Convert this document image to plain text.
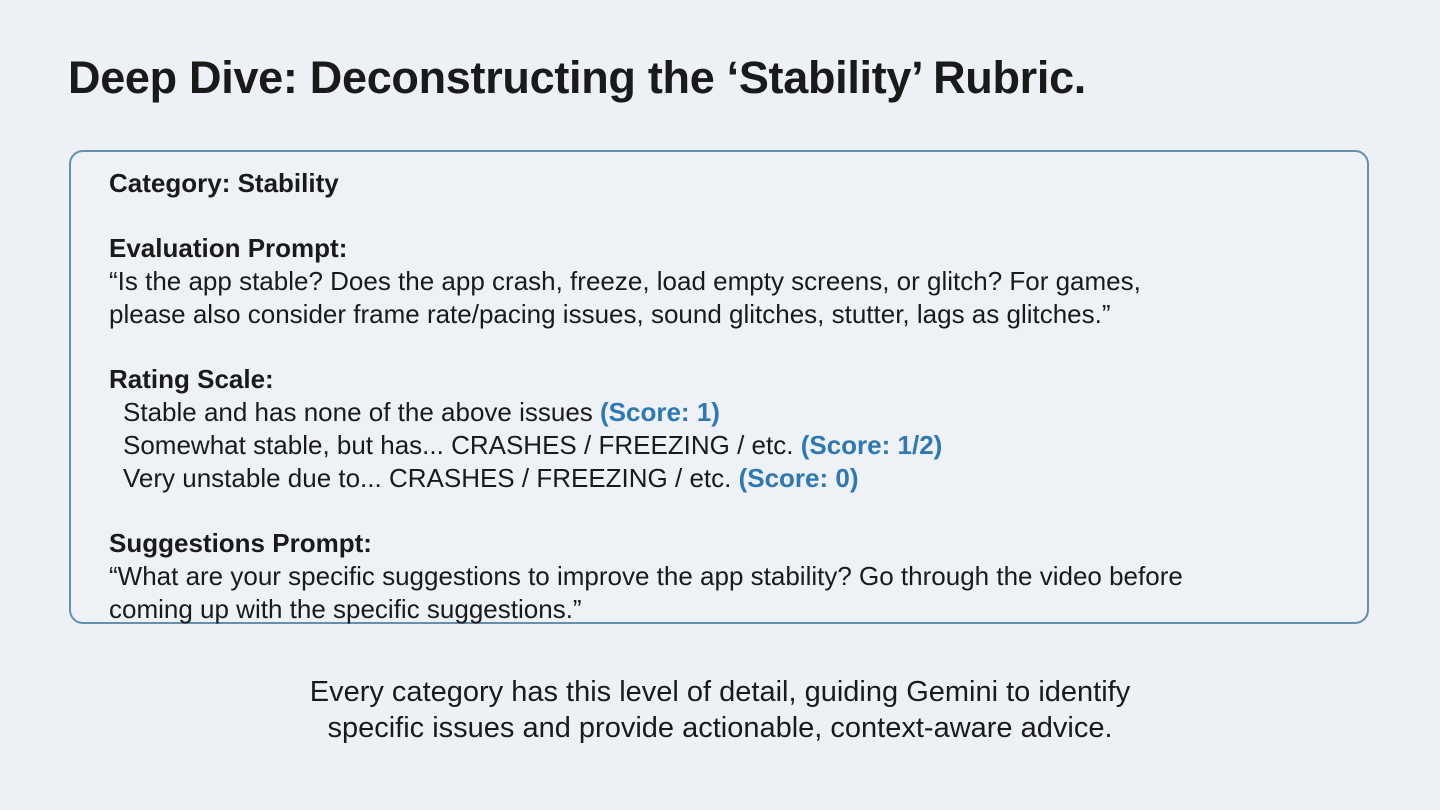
Deep Dive: Deconstructing the ‘Stability’ Rubric.
Category: Stability
Evaluation Prompt:
“Is the app stable? Does the app crash, freeze, load empty screens, or glitch? For games,
please also consider frame rate/pacing issues, sound glitches, stutter, lags as glitches.”
Rating Scale:
Stable and has none of the above issues (Score: 1)
Somewhat stable, but has... CRASHES / FREEZING / etc. (Score: 1/2)
Very unstable due to... CRASHES / FREEZING / etc. (Score: 0)
Suggestions Prompt:
“What are your specific suggestions to improve the app stability? Go through the video before
coming up with the specific suggestions.”
Every category has this level of detail, guiding Gemini to identify
specific issues and provide actionable, context-aware advice.
